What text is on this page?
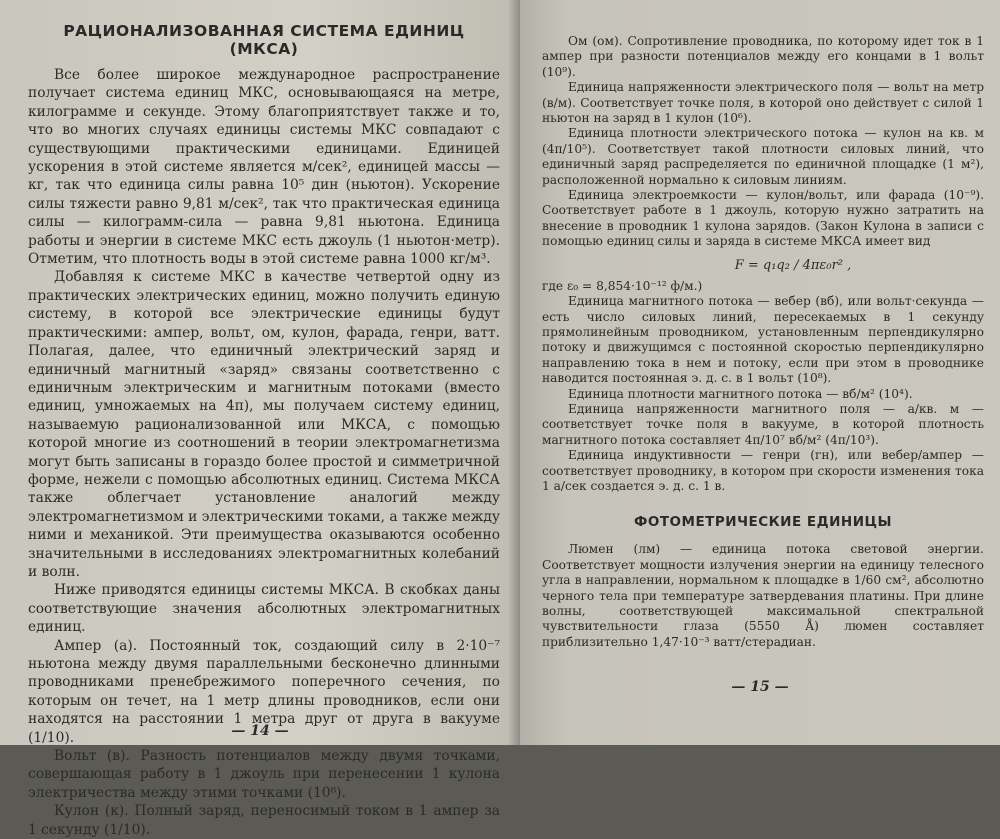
РАЦИОНАЛИЗОВАННАЯ СИСТЕМА ЕДИНИЦ (МКСА)

Все более широкое международное распространение получает система единиц МКС, основывающаяся на метре, килограмме и секунде. Этому благоприятствует также и то, что во многих случаях единицы системы МКС совпадают с существующими практическими единицами. Единицей ускорения в этой системе является м/сек², единицей массы — кг, так что единица силы равна 10⁵ дин (ньютон). Ускорение силы тяжести равно 9,81 м/сек², так что практическая единица силы — килограмм-сила — равна 9,81 ньютона. Единица работы и энергии в системе МКС есть джоуль (1 ньютон·метр). Отметим, что плотность воды в этой системе равна 1000 кг/м³.

Добавляя к системе МКС в качестве четвертой одну из практических электрических единиц, можно получить единую систему, в которой все электрические единицы будут практическими: ампер, вольт, ом, кулон, фарада, генри, ватт. Полагая, далее, что единичный электрический заряд и единичный магнитный «заряд» связаны соответственно с единичным электрическим и магнитным потоками (вместо единиц, умножаемых на 4π), мы получаем систему единиц, называемую рационализованной или МКСА, с помощью которой многие из соотношений в теории электромагнетизма могут быть записаны в гораздо более простой и симметричной форме, нежели с помощью абсолютных единиц. Система МКСА также облегчает установление аналогий между электромагнетизмом и электрическими токами, а также между ними и механикой. Эти преимущества оказываются особенно значительными в исследованиях электромагнитных колебаний и волн.

Ниже приводятся единицы системы МКСА. В скобках даны соответствующие значения абсолютных электромагнитных единиц.

Ампер (а). Постоянный ток, создающий силу в 2·10⁻⁷ ньютона между двумя параллельными бесконечно длинными проводниками пренебрежимого поперечного сечения, по которым он течет, на 1 метр длины проводников, если они находятся на расстоянии 1 метра друг от друга в вакууме (1/10).

Вольт (в). Разность потенциалов между двумя точками, совершающая работу в 1 джоуль при перенесении 1 кулона электричества между этими точками (10⁸).

Кулон (к). Полный заряд, переносимый током в 1 ампер за 1 секунду (1/10).

— 14 —

Ом (ом). Сопротивление проводника, по которому идет ток в 1 ампер при разности потенциалов между его концами в 1 вольт (10⁹).

Единица напряженности электрического поля — вольт на метр (в/м). Соответствует точке поля, в которой оно действует с силой 1 ньютон на заряд в 1 кулон (10⁶).

Единица плотности электрического потока — кулон на кв. м (4π/10⁵). Соответствует такой плотности силовых линий, что единичный заряд распределяется по единичной площадке (1 м²), расположенной нормально к силовым линиям.

Единица электроемкости — кулон/вольт, или фарада (10⁻⁹). Соответствует работе в 1 джоуль, которую нужно затратить на внесение в проводник 1 кулона зарядов. (Закон Кулона в записи с помощью единиц силы и заряда в системе МКСА имеет вид

F = q₁q₂ / 4πε₀r² ,

где ε₀ = 8,854·10⁻¹² ф/м.)

Единица магнитного потока — вебер (вб), или вольт·секунда — есть число силовых линий, пересекаемых в 1 секунду прямолинейным проводником, установленным перпендикулярно потоку и движущимся с постоянной скоростью перпендикулярно направлению тока в нем и потоку, если при этом в проводнике наводится постоянная э. д. с. в 1 вольт (10⁸).

Единица плотности магнитного потока — вб/м² (10⁴).

Единица напряженности магнитного поля — а/кв. м — соответствует точке поля в вакууме, в которой плотность магнитного потока составляет 4π/10⁷ вб/м² (4π/10³).

Единица индуктивности — генри (гн), или вебер/ампер — соответствует проводнику, в котором при скорости изменения тока 1 а/сек создается э. д. с. 1 в.

ФОТОМЕТРИЧЕСКИЕ ЕДИНИЦЫ

Люмен (лм) — единица потока световой энергии. Соответствует мощности излучения энергии на единицу телесного угла в направлении, нормальном к площадке в 1/60 см², абсолютно черного тела при температуре затвердевания платины. При длине волны, соответствующей максимальной спектральной чувствительности глаза (5550 Å) люмен составляет приблизительно 1,47·10⁻³ ватт/стерадиан.

— 15 —
